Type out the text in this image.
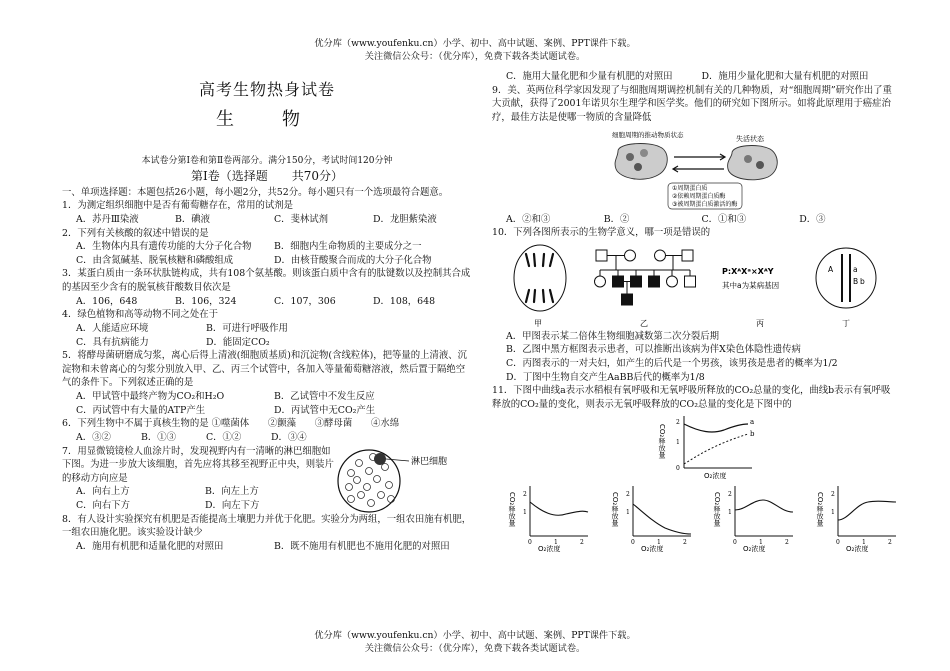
优分库（www.youfenku.cn）小学、初中、高中试题、案例、PPT课件下载。
关注微信公众号：（优分库），免费下载各类试题试卷。

高考生物热身试卷

生物

本试卷分第Ⅰ卷和第Ⅱ卷两部分。满分150分，考试时间120分钟

第Ⅰ卷（选择题　　共70分）

一、单项选择题：本题包括26小题，每小题2分，共52分。每小题只有一个选项最符合题意。

1．为测定组织细胞中是否有葡萄糖存在，常用的试剂是

A．苏丹Ⅲ染液	B．碘液	C．斐林试剂	D．龙胆紫染液

2．下列有关核酸的叙述中错误的是

A．生物体内具有遗传功能的大分子化合物	B．细胞内生命物质的主要成分之一
C．由含氮碱基、脱氧核糖和磷酸组成	D．由核苷酸聚合而成的大分子化合物

3．某蛋白质由一条环状肽链构成，共有108个氨基酸。则该蛋白质中含有的肽键数以及控制其合成的基因至少含有的脱氧核苷酸数目依次是

A．106，648	B．106，324	C．107，306	D．108，648

4．绿色植物和高等动物不同之处在于

A．人能适应环境	B．可进行呼吸作用
C．具有抗病能力	D．能固定CO₂

5．将酵母菌研磨成匀浆，离心后得上清液(细胞质基质)和沉淀物(含线粒体)，把等量的上清液、沉淀物和未曾离心的匀浆分别放入甲、乙、丙三个试管中，各加入等量葡萄糖溶液，然后置于隔绝空气的条件下。下列叙述正确的是

A．甲试管中最终产物为CO₂和H₂O	B．乙试管中不发生反应
C．丙试管中有大量的ATP产生	D．丙试管中无CO₂产生

6．下列生物中不属于真核生物的是 ①噬菌体　　②颤藻　　③酵母菌　　④水绵

A．③②	B．①③	C．①②	D．③④

7．用显微镜镜检人血涂片时，发现视野内有一清晰的淋巴细胞如下图。为进一步放大该细胞，首先应将其移至视野正中央，则装片的移动方向应是

A．向右上方	B．向左上方
C．向右下方	D．向左下方
淋巴细胞

8．有人设计实验探究有机肥是否能提高土壤肥力并优于化肥。实验分为两组，一组农田施有机肥，一组农田施化肥。该实验设计缺少

A．施用有机肥和适量化肥的对照田	B．既不施用有机肥也不施用化肥的对照田
C．施用大量化肥和少量有机肥的对照田	D．施用少量化肥和大量有机肥的对照田

9．美、英两位科学家因发现了与细胞周期调控机制有关的几种物质，对“细胞周期”研究作出了重大贡献，获得了2001年诺贝尔生理学和医学奖。他们的研究如下图所示。如将此原理用于癌症治疗，最佳方法是使哪一物质的含量降低

细胞周期的推动物质状态	失活状态
①周期蛋白质
②依赖周期蛋白质酶
③被周期蛋白质激活的酶
A．②和③	B．②	C．①和③	D．③

10．下列各图所表示的生物学意义，哪一项是错误的

甲	乙
P:XᴬXᵃ×XᴬY
其中a为某病基因
丙
A	a
B b
丁
A．甲图表示某二倍体生物细胞减数第二次分裂后期
B．乙图中黑方框图表示患者，可以推断出该病为伴X染色体隐性遗传病
C．丙图表示的一对夫妇，如产生的后代是一个男孩，该男孩是患者的概率为1/2
D．丁图中生物自交产生AaBB后代的概率为1/8

11．下图中曲线a表示水稻根有氧呼吸和无氧呼吸所释放的CO₂总量的变化，曲线b表示有氧呼吸释放的CO₂量的变化，则表示无氧呼吸释放的CO₂总量的变化是下图中的

CO₂释放量
2
1
0
a
b
O₂浓度
CO₂释放量 2
1
0	1	2
O₂浓度
CO₂释放量 2
1
0	1	2
O₂浓度
CO₂释放量 2
1
0	1	2
O₂浓度
CO₂释放量 2
1
0	1	2
O₂浓度
优分库（www.youfenku.cn）小学、初中、高中试题、案例、PPT课件下载。
关注微信公众号：（优分库），免费下载各类试题试卷。
